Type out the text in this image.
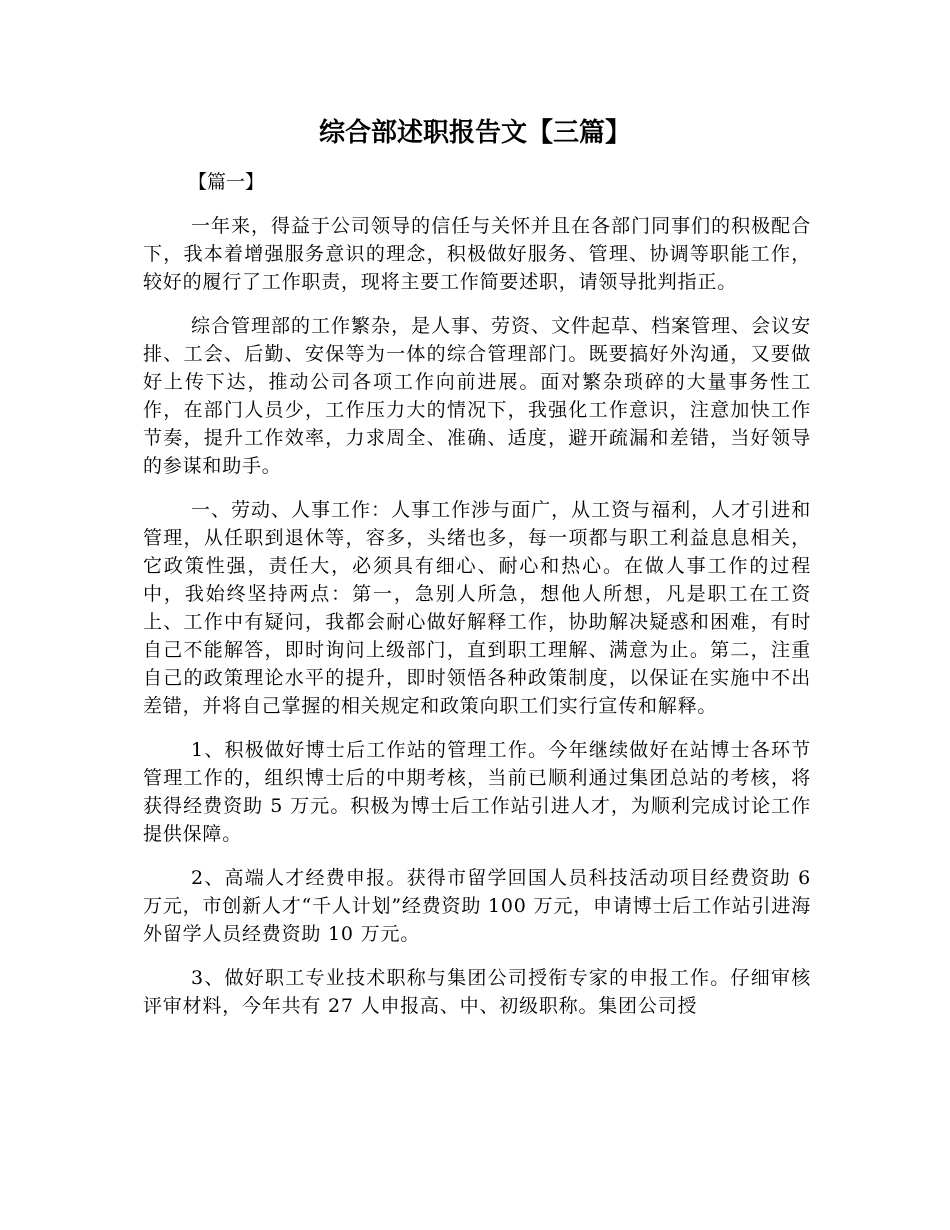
综合部述职报告文【三篇】

【篇一】

一年来，得益于公司领导的信任与关怀并且在各部门同事们的积极配合下，我本着增强服务意识的理念，积极做好服务、管理、协调等职能工作，较好的履行了工作职责，现将主要工作简要述职，请领导批判指正。

综合管理部的工作繁杂，是人事、劳资、文件起草、档案管理、会议安排、工会、后勤、安保等为一体的综合管理部门。既要搞好外沟通，又要做好上传下达，推动公司各项工作向前进展。面对繁杂琐碎的大量事务性工作，在部门人员少，工作压力大的情况下，我强化工作意识，注意加快工作节奏，提升工作效率，力求周全、准确、适度，避开疏漏和差错，当好领导的参谋和助手。

一、劳动、人事工作：人事工作涉与面广，从工资与福利，人才引进和管理，从任职到退休等，容多，头绪也多，每一项都与职工利益息息相关，它政策性强，责任大，必须具有细心、耐心和热心。在做人事工作的过程中，我始终坚持两点：第一，急别人所急，想他人所想，凡是职工在工资上、工作中有疑问，我都会耐心做好解释工作，协助解决疑惑和困难，有时自己不能解答，即时询问上级部门，直到职工理解、满意为止。第二，注重自己的政策理论水平的提升，即时领悟各种政策制度，以保证在实施中不出差错，并将自己掌握的相关规定和政策向职工们实行宣传和解释。

1、积极做好博士后工作站的管理工作。今年继续做好在站博士各环节管理工作的，组织博士后的中期考核，当前已顺利通过集团总站的考核，将获得经费资助 5 万元。积极为博士后工作站引进人才，为顺利完成讨论工作提供保障。

2、高端人才经费申报。获得市留学回国人员科技活动项目经费资助 6 万元，市创新人才“千人计划”经费资助 100 万元，申请博士后工作站引进海外留学人员经费资助 10 万元。

3、做好职工专业技术职称与集团公司授衔专家的申报工作。仔细审核评审材料，今年共有 27 人申报高、中、初级职称。集团公司授
